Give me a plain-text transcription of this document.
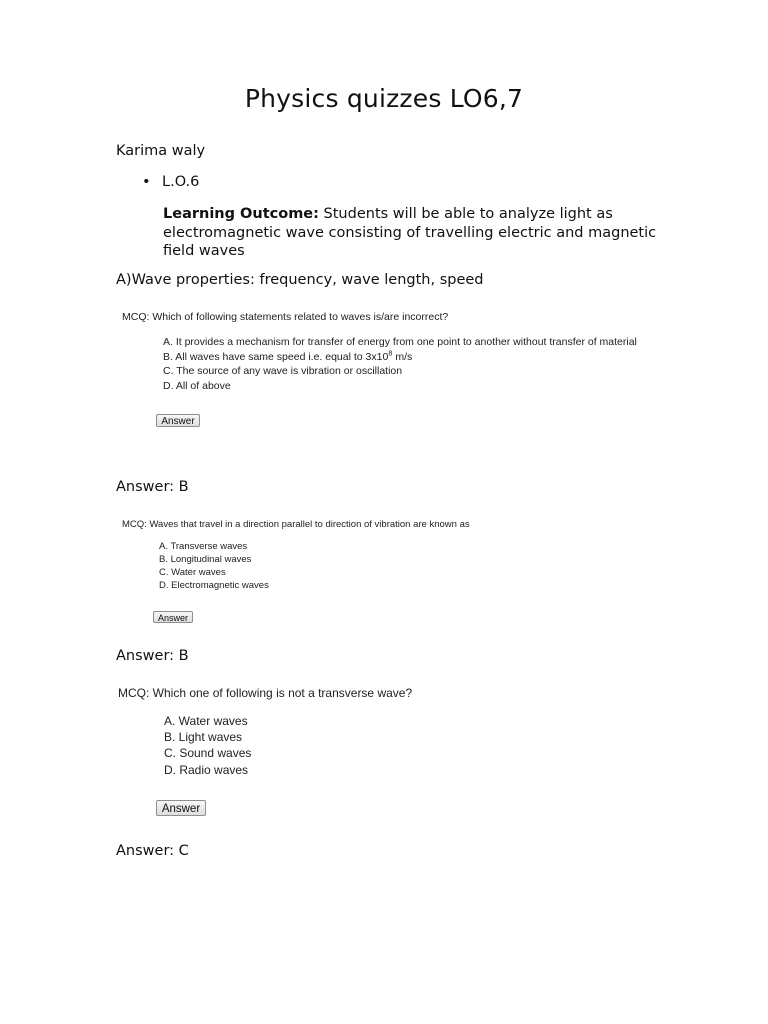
Physics quizzes LO6,7
Karima waly
• L.O.6
Learning Outcome: Students will be able to analyze light as electromagnetic wave consisting of travelling electric and magnetic field waves
A)Wave properties: frequency, wave length, speed
MCQ: Which of following statements related to waves is/are incorrect?
A. It provides a mechanism for transfer of energy from one point to another without transfer of material
B. All waves have same speed i.e. equal to $3x10^8$ m/s
C. The source of any wave is vibration or oscillation
D. All of above
Answer
Answer: B
MCQ: Waves that travel in a direction parallel to direction of vibration are known as
A. Transverse waves
B. Longitudinal waves
C. Water waves
D. Electromagnetic waves
Answer
Answer: B
MCQ: Which one of following is not a transverse wave?
A. Water waves
B. Light waves
C. Sound waves
D. Radio waves
Answer
Answer: C
